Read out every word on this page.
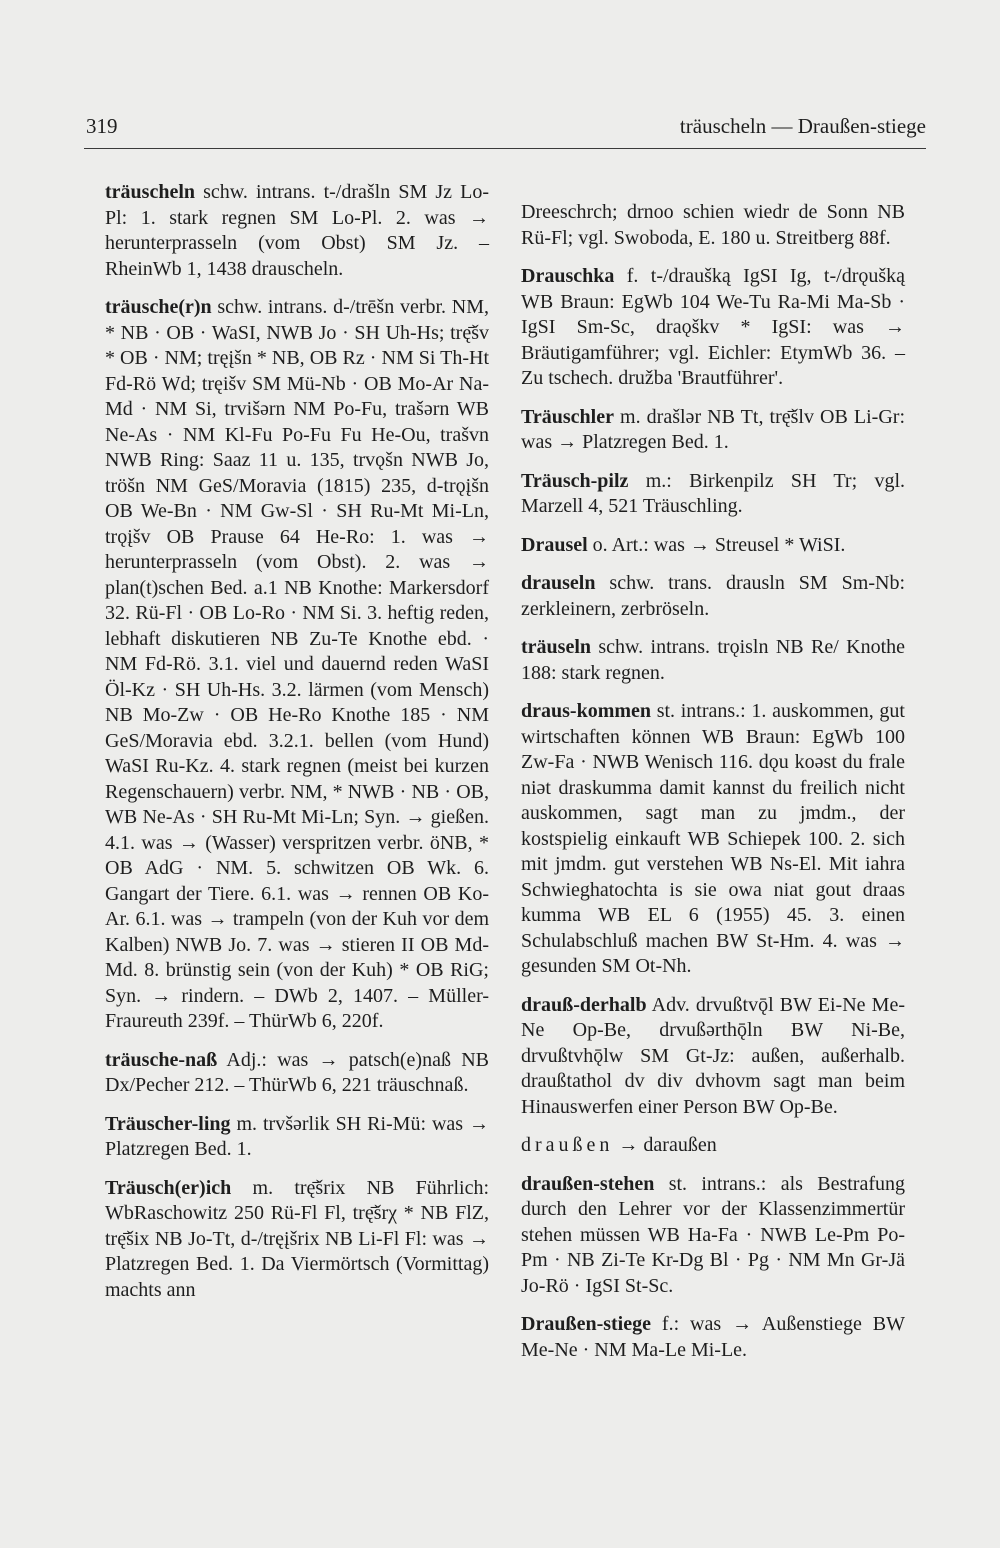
319	träuscheln — Draußen-stiege

träuscheln schw. intrans. t-/drašln SM Jz Lo-Pl: 1. stark regnen SM Lo-Pl. 2. was → herunterprasseln (vom Obst) SM Jz. – RheinWb 1, 1438 drauscheln.

träusche(r)n schw. intrans. d-/trēšn verbr. NM, * NB · OB · WaSI, NWB Jo · SH Uh-Hs; trę̄šv * OB · NM; tręįšn * NB, OB Rz · NM Si Th-Ht Fd-Rö Wd; tręišv SM Mü-Nb · OB Mo-Ar Na-Md · NM Si, trvišərn NM Po-Fu, trašərn WB Ne-As · NM Kl-Fu Po-Fu Fu He-Ou, trašvn NWB Ring: Saaz 11 u. 135, trvǫšn NWB Jo, tröšn NM GeS/Moravia (1815) 235, d-trǫįšn OB We-Bn · NM Gw-Sl · SH Ru-Mt Mi-Ln, trǫįšv OB Prause 64 He-Ro: 1. was → herunterprasseln (vom Obst). 2. was → plan(t)schen Bed. a.1 NB Knothe: Markersdorf 32. Rü-Fl · OB Lo-Ro · NM Si. 3. heftig reden, lebhaft diskutieren NB Zu-Te Knothe ebd. · NM Fd-Rö. 3.1. viel und dauernd reden WaSI Öl-Kz · SH Uh-Hs. 3.2. lärmen (vom Mensch) NB Mo-Zw · OB He-Ro Knothe 185 · NM GeS/Moravia ebd. 3.2.1. bellen (vom Hund) WaSI Ru-Kz. 4. stark regnen (meist bei kurzen Regenschauern) verbr. NM, * NWB · NB · OB, WB Ne-As · SH Ru-Mt Mi-Ln; Syn. → gießen. 4.1. was → (Wasser) verspritzen verbr. öNB, * OB AdG · NM. 5. schwitzen OB Wk. 6. Gangart der Tiere. 6.1. was → rennen OB Ko-Ar. 6.1. was → trampeln (von der Kuh vor dem Kalben) NWB Jo. 7. was → stieren II OB Md-Md. 8. brünstig sein (von der Kuh) * OB RiG; Syn. → rindern. – DWb 2, 1407. – Müller-Fraureuth 239f. – ThürWb 6, 220f.

träusche-naß Adj.: was → patsch(e)naß NB Dx/Pecher 212. – ThürWb 6, 221 träuschnaß.

Träuscher-ling m. trvšərlik SH Ri-Mü: was → Platzregen Bed. 1.

Träusch(er)ich m. trę̄šrix NB Führlich: WbRaschowitz 250 Rü-Fl Fl, trę̄šrχ * NB FlZ, trę̄šix NB Jo-Tt, d-/tręįšrix NB Li-Fl Fl: was → Platzregen Bed. 1. Da Viermörtsch (Vormittag) machts ann

Dreeschrch; drnoo schien wiedr de Sonn NB Rü-Fl; vgl. Swoboda, E. 180 u. Streitberg 88f.

Drauschka f. t-/draušką IgSI Ig, t-/drǫušką WB Braun: EgWb 104 We-Tu Ra-Mi Ma-Sb · IgSI Sm-Sc, draǫškv * IgSI: was → Bräutigamführer; vgl. Eichler: EtymWb 36. – Zu tschech. družba 'Brautführer'.

Träuschler m. drašlər NB Tt, trę̄šlv OB Li-Gr: was → Platzregen Bed. 1.

Träusch-pilz m.: Birkenpilz SH Tr; vgl. Marzell 4, 521 Träuschling.

Drausel o. Art.: was → Streusel * WiSI.

drauseln schw. trans. drausln SM Sm-Nb: zerkleinern, zerbröseln.

träuseln schw. intrans. trǫisln NB Re/ Knothe 188: stark regnen.

draus-kommen st. intrans.: 1. auskommen, gut wirtschaften können WB Braun: EgWb 100 Zw-Fa · NWB Wenisch 116. dǫu koəst du frale niət draskumma damit kannst du freilich nicht auskommen, sagt man zu jmdm., der kostspielig einkauft WB Schiepek 100. 2. sich mit jmdm. gut verstehen WB Ns-El. Mit iahra Schwieghatochta is sie owa niat gout draas kumma WB EL 6 (1955) 45. 3. einen Schulabschluß machen BW St-Hm. 4. was → gesunden SM Ot-Nh.

drauß-derhalb Adv. drvußtvǭl BW Ei-Ne Me-Ne Op-Be, drvußərthǭln BW Ni-Be, drvußtvhǭlw SM Gt-Jz: außen, außerhalb. draußtathol dv div dvhovm sagt man beim Hinauswerfen einer Person BW Op-Be.

draußen → daraußen

draußen-stehen st. intrans.: als Bestrafung durch den Lehrer vor der Klassenzimmertür stehen müssen WB Ha-Fa · NWB Le-Pm Po-Pm · NB Zi-Te Kr-Dg Bl · Pg · NM Mn Gr-Jä Jo-Rö · IgSI St-Sc.

Draußen-stiege f.: was → Außenstiege BW Me-Ne · NM Ma-Le Mi-Le.
